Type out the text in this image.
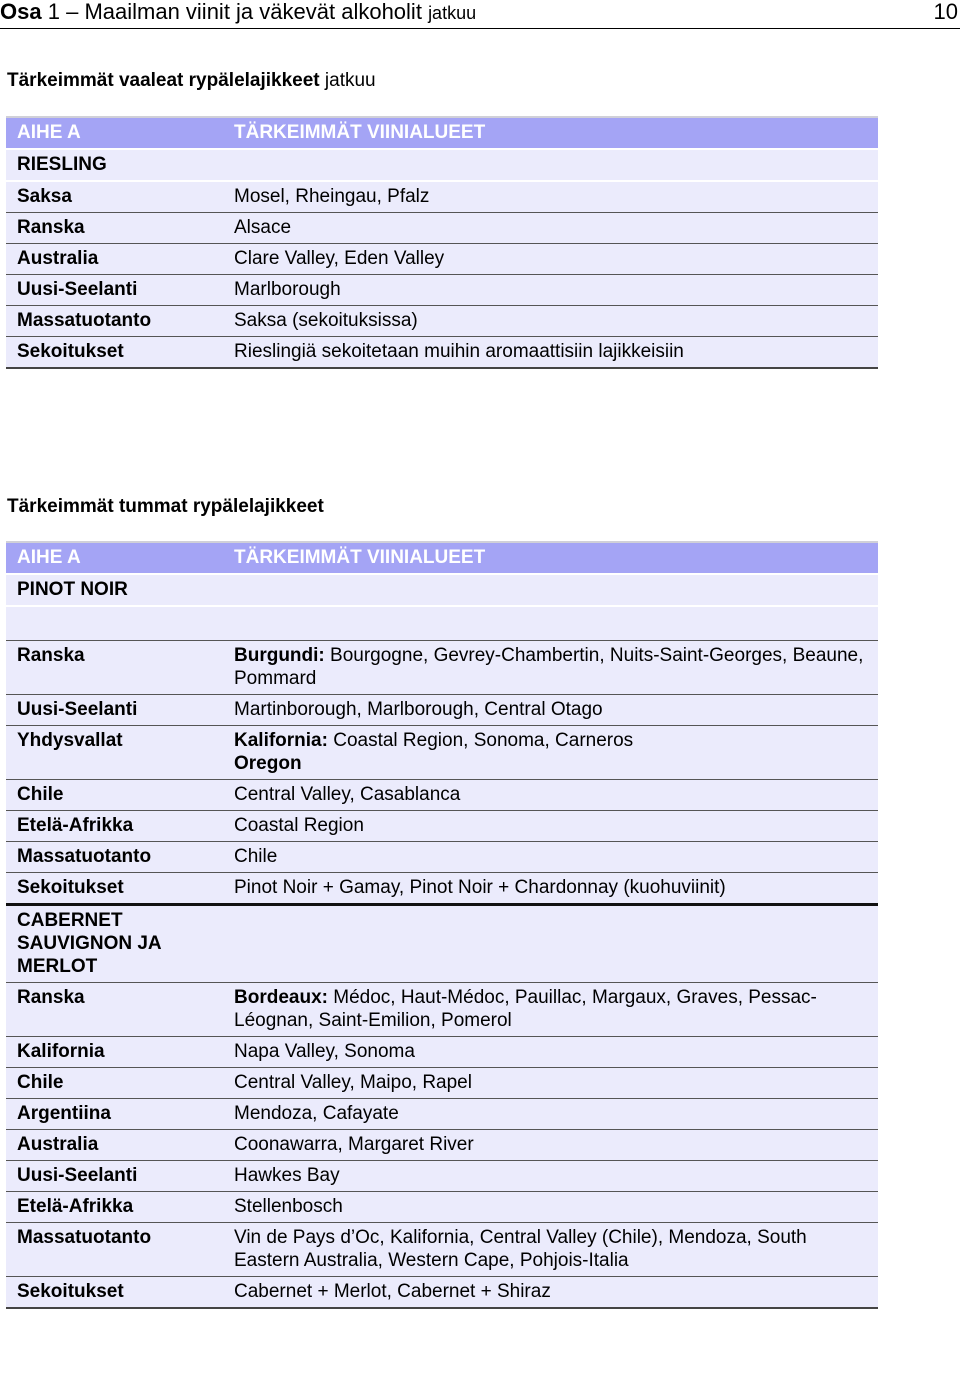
Osa 1 – Maailman viinit ja väkevät alkoholit jatkuu	10
Tärkeimmät vaaleat rypälelajikkeet jatkuu
AIHE A	TÄRKEIMMÄT VIINIALUEET
RIESLING	
Saksa	Mosel, Rheingau, Pfalz
Ranska	Alsace
Australia	Clare Valley, Eden Valley
Uusi-Seelanti	Marlborough
Massatuotanto	Saksa (sekoituksissa)
Sekoitukset	Rieslingiä sekoitetaan muihin aromaattisiin lajikkeisiin
Tärkeimmät tummat rypälelajikkeet
AIHE A	TÄRKEIMMÄT VIINIALUEET
PINOT NOIR	

Ranska	Burgundi: Bourgogne, Gevrey-Chambertin, Nuits-Saint-Georges, Beaune, Pommard
Uusi-Seelanti	Martinborough, Marlborough, Central Otago
Yhdysvallat	Kalifornia: Coastal Region, Sonoma, Carneros
Oregon
Chile	Central Valley, Casablanca
Etelä-Afrikka	Coastal Region
Massatuotanto	Chile
Sekoitukset	Pinot Noir + Gamay, Pinot Noir + Chardonnay (kuohuviinit)
CABERNET SAUVIGNON JA MERLOT	
Ranska	Bordeaux: Médoc, Haut-Médoc, Pauillac, Margaux, Graves, Pessac-Léognan, Saint-Emilion, Pomerol
Kalifornia	Napa Valley, Sonoma
Chile	Central Valley, Maipo, Rapel
Argentiina	Mendoza, Cafayate
Australia	Coonawarra, Margaret River
Uusi-Seelanti	Hawkes Bay
Etelä-Afrikka	Stellenbosch
Massatuotanto	Vin de Pays d’Oc, Kalifornia, Central Valley (Chile), Mendoza, South Eastern Australia, Western Cape, Pohjois-Italia
Sekoitukset	Cabernet + Merlot, Cabernet + Shiraz
